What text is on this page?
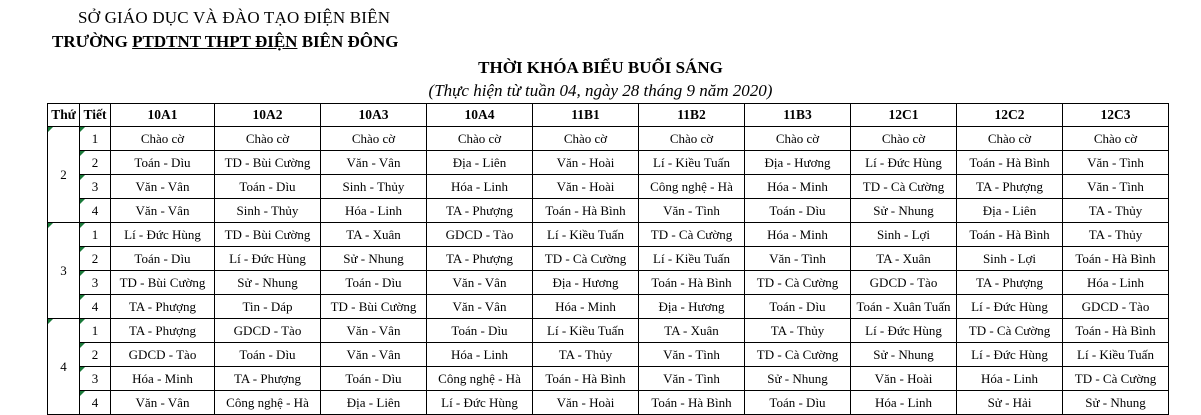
SỞ GIÁO DỤC VÀ ĐÀO TẠO ĐIỆN BIÊN
TRƯỜNG PTDTNT THPT ĐIỆN BIÊN ĐÔNG
THỜI KHÓA BIỂU BUỔI SÁNG
(Thực hiện từ tuần 04, ngày 28 tháng 9 năm 2020)
Thứ	Tiết	10A1	10A2	10A3	10A4	11B1	11B2	11B3	12C1	12C2	12C3

2	1	Chào cờ	Chào cờ	Chào cờ	Chào cờ	Chào cờ	Chào cờ	Chào cờ	Chào cờ	Chào cờ	Chào cờ

2	Toán - Dìu	TD - Bùi Cường	Văn - Vân	Địa - Liên	Văn - Hoài	Lí - Kiều Tuấn	Địa - Hương	Lí - Đức Hùng	Toán - Hà Bình	Văn - Tình

3	Văn - Vân	Toán - Dìu	Sinh - Thủy	Hóa - Linh	Văn - Hoài	Công nghệ - Hà	Hóa - Minh	TD - Cà Cường	TA - Phượng	Văn - Tình

4	Văn - Vân	Sinh - Thủy	Hóa - Linh	TA - Phượng	Toán - Hà Bình	Văn - Tình	Toán - Dìu	Sử - Nhung	Địa - Liên	TA - Thủy

3	1	Lí - Đức Hùng	TD - Bùi Cường	TA - Xuân	GDCD - Tào	Lí - Kiều Tuấn	TD - Cà Cường	Hóa - Minh	Sinh - Lợi	Toán - Hà Bình	TA - Thủy

2	Toán - Dìu	Lí - Đức Hùng	Sử - Nhung	TA - Phượng	TD - Cà Cường	Lí - Kiều Tuấn	Văn - Tình	TA - Xuân	Sinh - Lợi	Toán - Hà Bình

3	TD - Bùi Cường	Sử - Nhung	Toán - Dìu	Văn - Vân	Địa - Hương	Toán - Hà Bình	TD - Cà Cường	GDCD - Tào	TA - Phượng	Hóa - Linh

4	TA - Phượng	Tin - Dáp	TD - Bùi Cường	Văn - Vân	Hóa - Minh	Địa - Hương	Toán - Dìu	Toán - Xuân Tuấn	Lí - Đức Hùng	GDCD - Tào

4	1	TA - Phượng	GDCD - Tào	Văn - Vân	Toán - Dìu	Lí - Kiều Tuấn	TA - Xuân	TA - Thủy	Lí - Đức Hùng	TD - Cà Cường	Toán - Hà Bình

2	GDCD - Tào	Toán - Dìu	Văn - Vân	Hóa - Linh	TA - Thủy	Văn - Tình	TD - Cà Cường	Sử - Nhung	Lí - Đức Hùng	Lí - Kiều Tuấn

3	Hóa - Minh	TA - Phượng	Toán - Dìu	Công nghệ - Hà	Toán - Hà Bình	Văn - Tình	Sử - Nhung	Văn - Hoài	Hóa - Linh	TD - Cà Cường

4	Văn - Vân	Công nghệ - Hà	Địa - Liên	Lí - Đức Hùng	Văn - Hoài	Toán - Hà Bình	Toán - Dìu	Hóa - Linh	Sử - Hải	Sử - Nhung
